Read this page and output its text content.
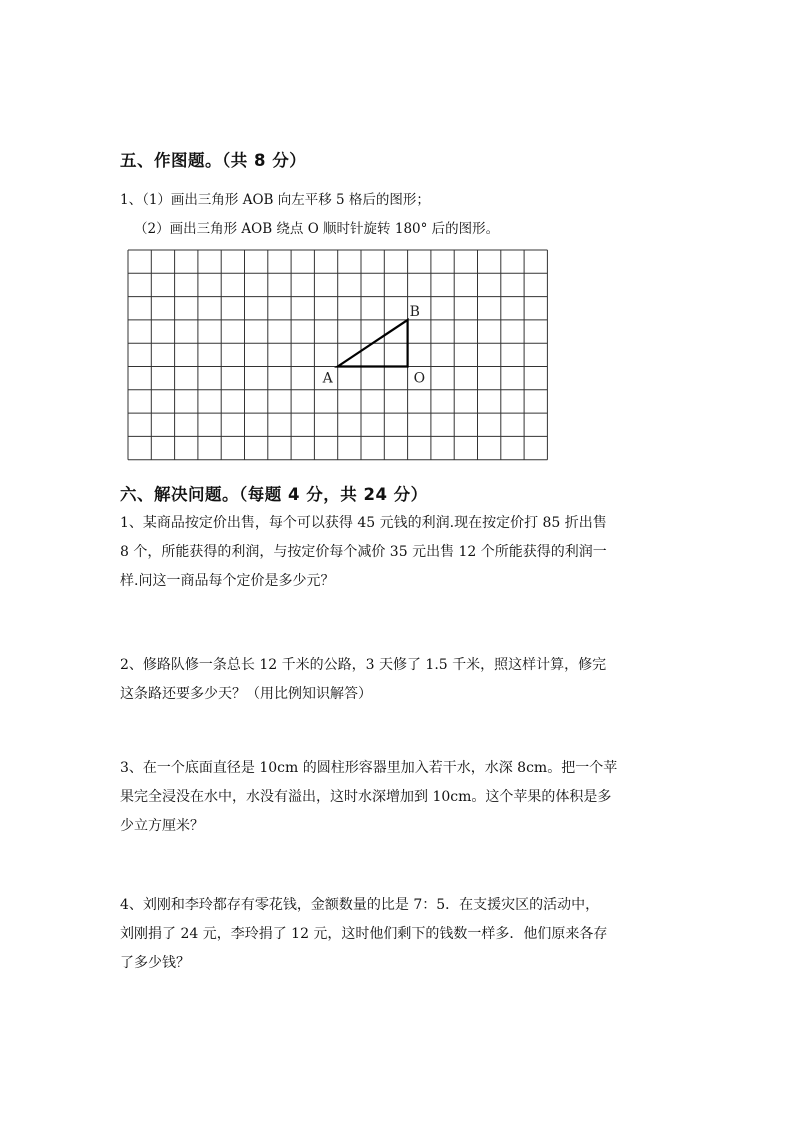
五、作图题。（共 8 分）
1、（1）画出三角形 AOB 向左平移 5 格后的图形；
（2）画出三角形 AOB 绕点 O 顺时针旋转 180° 后的图形。
A	O
B
六、解决问题。（每题 4 分，共 24 分）

1、某商品按定价出售，每个可以获得 45 元钱的利润.现在按定价打 85 折出售

8 个，所能获得的利润，与按定价每个减价 35 元出售 12 个所能获得的利润一

样.问这一商品每个定价是多少元？

2、修路队修一条总长 12 千米的公路，3 天修了 1.5 千米，照这样计算，修完

这条路还要多少天？（用比例知识解答）

3、在一个底面直径是 10cm 的圆柱形容器里加入若干水，水深 8cm。把一个苹

果完全浸没在水中，水没有溢出，这时水深增加到 10cm。这个苹果的体积是多

少立方厘米？

4、刘刚和李玲都存有零花钱，金额数量的比是 7：5．在支援灾区的活动中，

刘刚捐了 24 元，李玲捐了 12 元，这时他们剩下的钱数一样多．他们原来各存

了多少钱？
